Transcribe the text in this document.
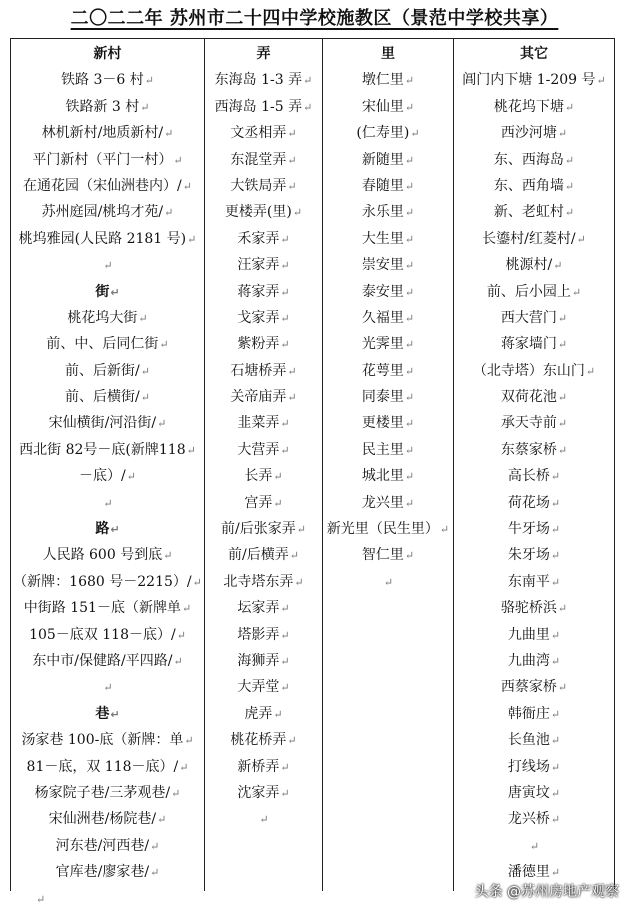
二〇二二年 苏州市二十四中学校施教区（景范中学校共享）
新村
铁路 3－6 村↵
铁路新 3 村↵
林机新村/地质新村/↵
平门新村（平门一村）↵
在通花园（宋仙洲巷内）/↵
苏州庭园/桃坞才苑/↵
桃坞雅园(人民路 2181 号)↵
↵
街↵
桃花坞大街↵
前、中、后同仁街↵
前、后新街/↵
前、后横街/↵
宋仙横街/河沿街/↵
西北街 82号－底(新牌118↵
－底）/↵
↵
路↵
人民路 600 号到底↵
（新牌：1680 号－2215）/↵
中街路 151－底（新牌单↵
105－底双 118－底）/↵
东中市/保健路/平四路/↵
↵
巷↵
汤家巷 100-底（新牌：单↵
81－底，双 118－底）/↵
杨家院子巷/三茅观巷/↵
宋仙洲巷/杨院巷/↵
河东巷/河西巷/↵
官库巷/廖家巷/↵
弄
东海岛 1-3 弄↵
西海岛 1-5 弄↵
文丞相弄↵
东混堂弄↵
大铁局弄↵
更楼弄(里)↵
禾家弄↵
汪家弄↵
蒋家弄↵
戈家弄↵
紫粉弄↵
石塘桥弄↵
关帝庙弄↵
韭菜弄↵
大营弄↵
长弄↵
宫弄↵
前/后张家弄↵
前/后横弄↵
北寺塔东弄↵
坛家弄↵
塔影弄↵
海狮弄↵
大弄堂↵
虎弄↵
桃花桥弄↵
新桥弄↵
沈家弄↵
↵
里
墩仁里↵
宋仙里↵
(仁寿里)↵
新随里↵
春随里↵
永乐里↵
大生里↵
崇安里↵
泰安里↵
久福里↵
光霁里↵
花萼里↵
同泰里↵
更楼里↵
民主里↵
城北里↵
龙兴里↵
新光里（民生里）↵
智仁里↵
↵
其它
阊门内下塘 1-209 号↵
桃花坞下塘↵
西沙河塘↵
东、西海岛↵
东、西角墙↵
新、老虹村↵
长鎏村/红菱村/↵
桃源村/↵
前、后小园上↵
西大营门↵
蒋家墙门↵
（北寺塔）东山门↵
双荷花池↵
承天寺前↵
东蔡家桥↵
高长桥↵
荷花场↵
牛牙场↵
朱牙场↵
东南平↵
骆驼桥浜↵
九曲里↵
九曲湾↵
西蔡家桥↵
韩衙庄↵
长鱼池↵
打线场↵
唐寅坟↵
龙兴桥↵
↵
潘德里↵
↵	头条 @苏州房地产观察
